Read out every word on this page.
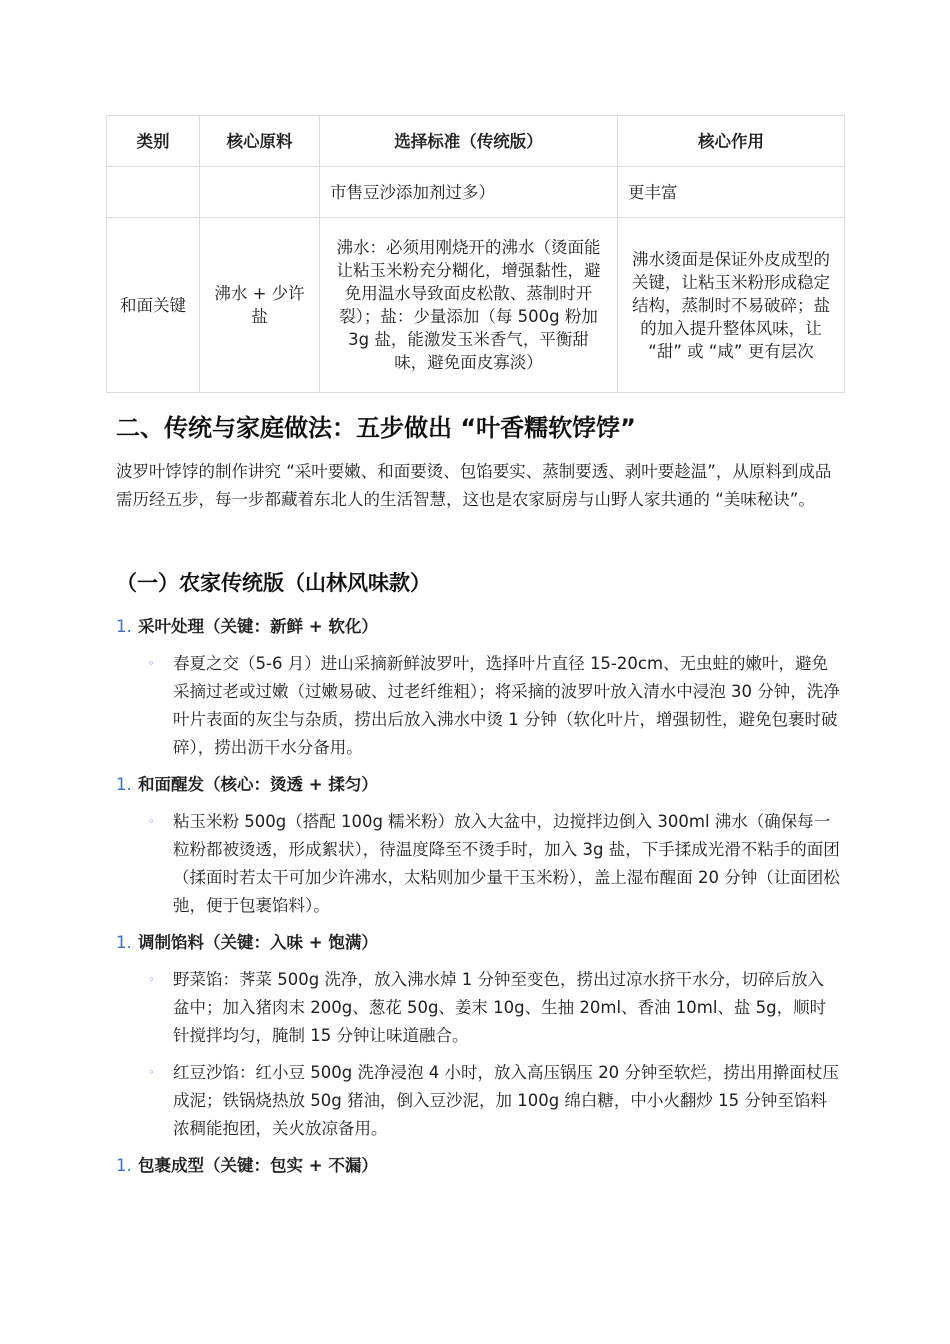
类别	核心原料	选择标准（传统版）	核心作用
		市售豆沙添加剂过多）	更丰富
和面关键	沸水 + 少许盐	沸水：必须用刚烧开的沸水（烫面能让粘玉米粉充分糊化，增强黏性，避免用温水导致面皮松散、蒸制时开裂）；盐：少量添加（每 500g 粉加 3g 盐，能激发玉米香气，平衡甜味，避免面皮寡淡）	沸水烫面是保证外皮成型的关键，让粘玉米粉形成稳定结构，蒸制时不易破碎；盐的加入提升整体风味，让 “甜” 或 “咸” 更有层次
二、传统与家庭做法：五步做出 “叶香糯软饽饽”

波罗叶饽饽的制作讲究 “采叶要嫩、和面要烫、包馅要实、蒸制要透、剥叶要趁温”，从原料到成品需历经五步，每一步都藏着东北人的生活智慧，这也是农家厨房与山野人家共通的 “美味秘诀”。

（一）农家传统版（山林风味款）
1. 采叶处理（关键：新鲜 + 软化）
◦ 春夏之交（5-6 月）进山采摘新鲜波罗叶，选择叶片直径 15-20cm、无虫蛀的嫩叶，避免采摘过老或过嫩（过嫩易破、过老纤维粗）；将采摘的波罗叶放入清水中浸泡 30 分钟，洗净叶片表面的灰尘与杂质，捞出后放入沸水中烫 1 分钟（软化叶片，增强韧性，避免包裹时破碎），捞出沥干水分备用。
1. 和面醒发（核心：烫透 + 揉匀）
◦ 粘玉米粉 500g（搭配 100g 糯米粉）放入大盆中，边搅拌边倒入 300ml 沸水（确保每一粒粉都被烫透，形成絮状），待温度降至不烫手时，加入 3g 盐，下手揉成光滑不粘手的面团（揉面时若太干可加少许沸水，太粘则加少量干玉米粉），盖上湿布醒面 20 分钟（让面团松弛，便于包裹馅料）。
1. 调制馅料（关键：入味 + 饱满）
◦ 野菜馅：荠菜 500g 洗净，放入沸水焯 1 分钟至变色，捞出过凉水挤干水分，切碎后放入盆中；加入猪肉末 200g、葱花 50g、姜末 10g、生抽 20ml、香油 10ml、盐 5g，顺时针搅拌均匀，腌制 15 分钟让味道融合。
◦ 红豆沙馅：红小豆 500g 洗净浸泡 4 小时，放入高压锅压 20 分钟至软烂，捞出用擀面杖压成泥；铁锅烧热放 50g 猪油，倒入豆沙泥，加 100g 绵白糖，中小火翻炒 15 分钟至馅料浓稠能抱团，关火放凉备用。
1. 包裹成型（关键：包实 + 不漏）
